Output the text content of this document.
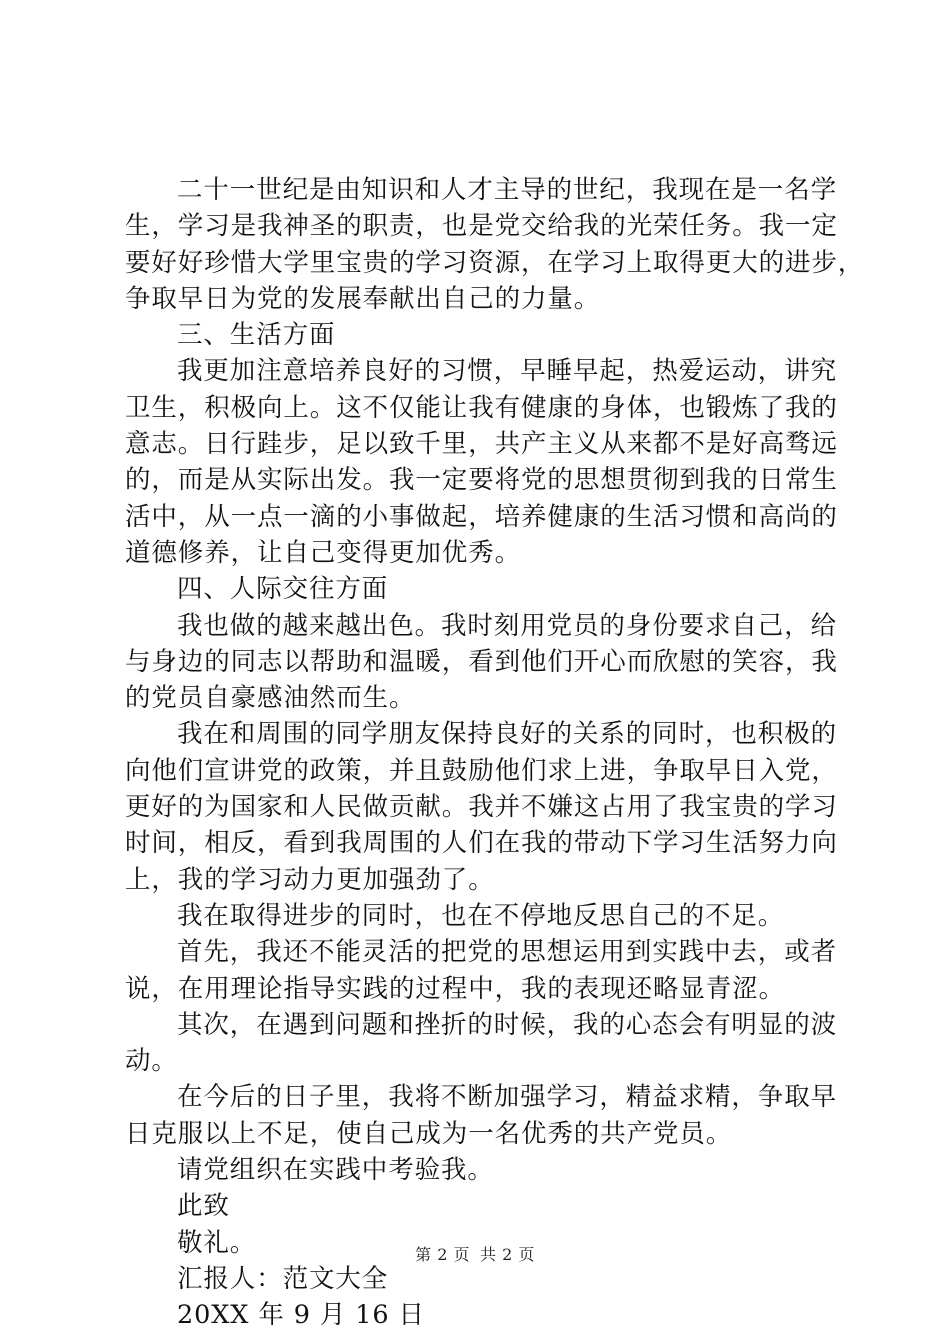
二十一世纪是由知识和人才主导的世纪，我现在是一名学
生，学习是我神圣的职责，也是党交给我的光荣任务。我一定
要好好珍惜大学里宝贵的学习资源，在学习上取得更大的进步，
争取早日为党的发展奉献出自己的力量。
三、生活方面
我更加注意培养良好的习惯，早睡早起，热爱运动，讲究
卫生，积极向上。这不仅能让我有健康的身体，也锻炼了我的
意志。日行跬步，足以致千里，共产主义从来都不是好高骛远
的，而是从实际出发。我一定要将党的思想贯彻到我的日常生
活中，从一点一滴的小事做起，培养健康的生活习惯和高尚的
道德修养，让自己变得更加优秀。
四、人际交往方面
我也做的越来越出色。我时刻用党员的身份要求自己，给
与身边的同志以帮助和温暖，看到他们开心而欣慰的笑容，我
的党员自豪感油然而生。
我在和周围的同学朋友保持良好的关系的同时，也积极的
向他们宣讲党的政策，并且鼓励他们求上进，争取早日入党，
更好的为国家和人民做贡献。我并不嫌这占用了我宝贵的学习
时间，相反，看到我周围的人们在我的带动下学习生活努力向
上，我的学习动力更加强劲了。
我在取得进步的同时，也在不停地反思自己的不足。
首先，我还不能灵活的把党的思想运用到实践中去，或者
说，在用理论指导实践的过程中，我的表现还略显青涩。
其次，在遇到问题和挫折的时候，我的心态会有明显的波
动。
在今后的日子里，我将不断加强学习，精益求精，争取早
日克服以上不足，使自己成为一名优秀的共产党员。
请党组织在实践中考验我。
此致
敬礼。
汇报人：范文大全
20XX 年 9 月 16 日
第 2 页 共 2 页
